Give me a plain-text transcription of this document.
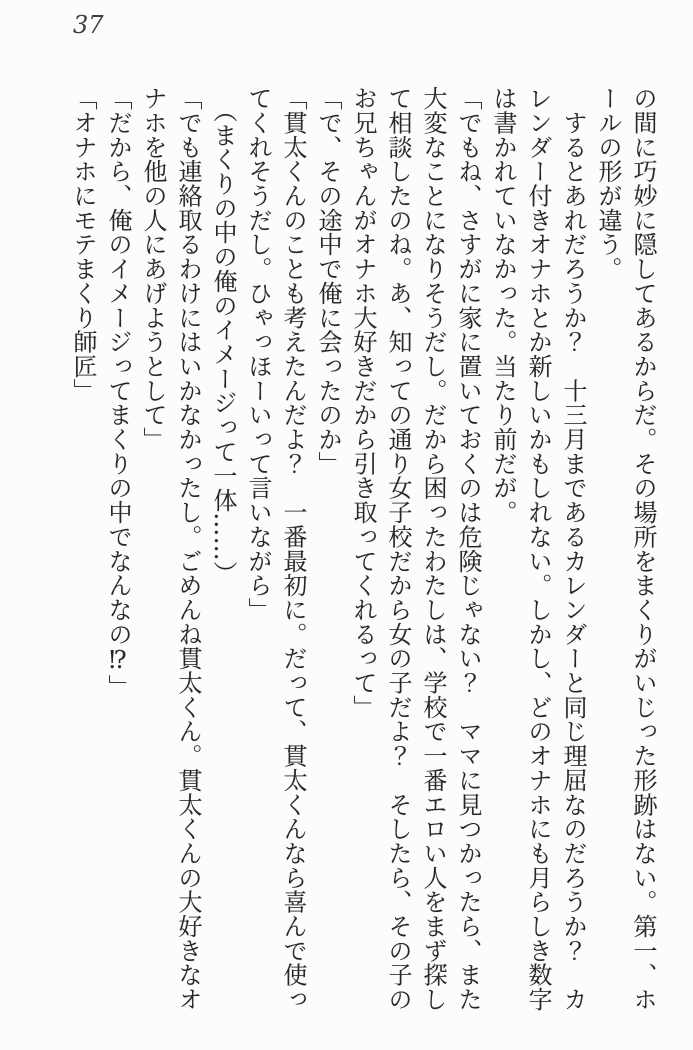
37

の間に巧妙に隠してあるからだ。その場所をまくりがいじった形跡はない。第一、ホ

ールの形が違う。

　するとあれだろうか？　十三月まであるカレンダーと同じ理屈なのだろうか？　カ

レンダー付きオナホとか新しいかもしれない。しかし、どのオナホにも月らしき数字

は書かれていなかった。当たり前だが。

「でもね、さすがに家に置いておくのは危険じゃない？　ママに見つかったら、また

大変なことになりそうだし。だから困ったわたしは、学校で一番エロい人をまず探し

て相談したのね。あ、知っての通り女子校だから女の子だよ？　そしたら、その子の

お兄ちゃんがオナホ大好きだから引き取ってくれるって」

「で、その途中で俺に会ったのか」

「貫太くんのことも考えたんだよ？　一番最初に。だって、貫太くんなら喜んで使っ

てくれそうだし。ひゃっほーいって言いながら」

　（まくりの中の俺のイメージって一体……）

「でも連絡取るわけにはいかなかったし。ごめんね貫太くん。貫太くんの大好きなオ

ナホを他の人にあげようとして」

「だから、俺のイメージってまくりの中でなんなの⁉」

「オナホにモテまくり師匠」
